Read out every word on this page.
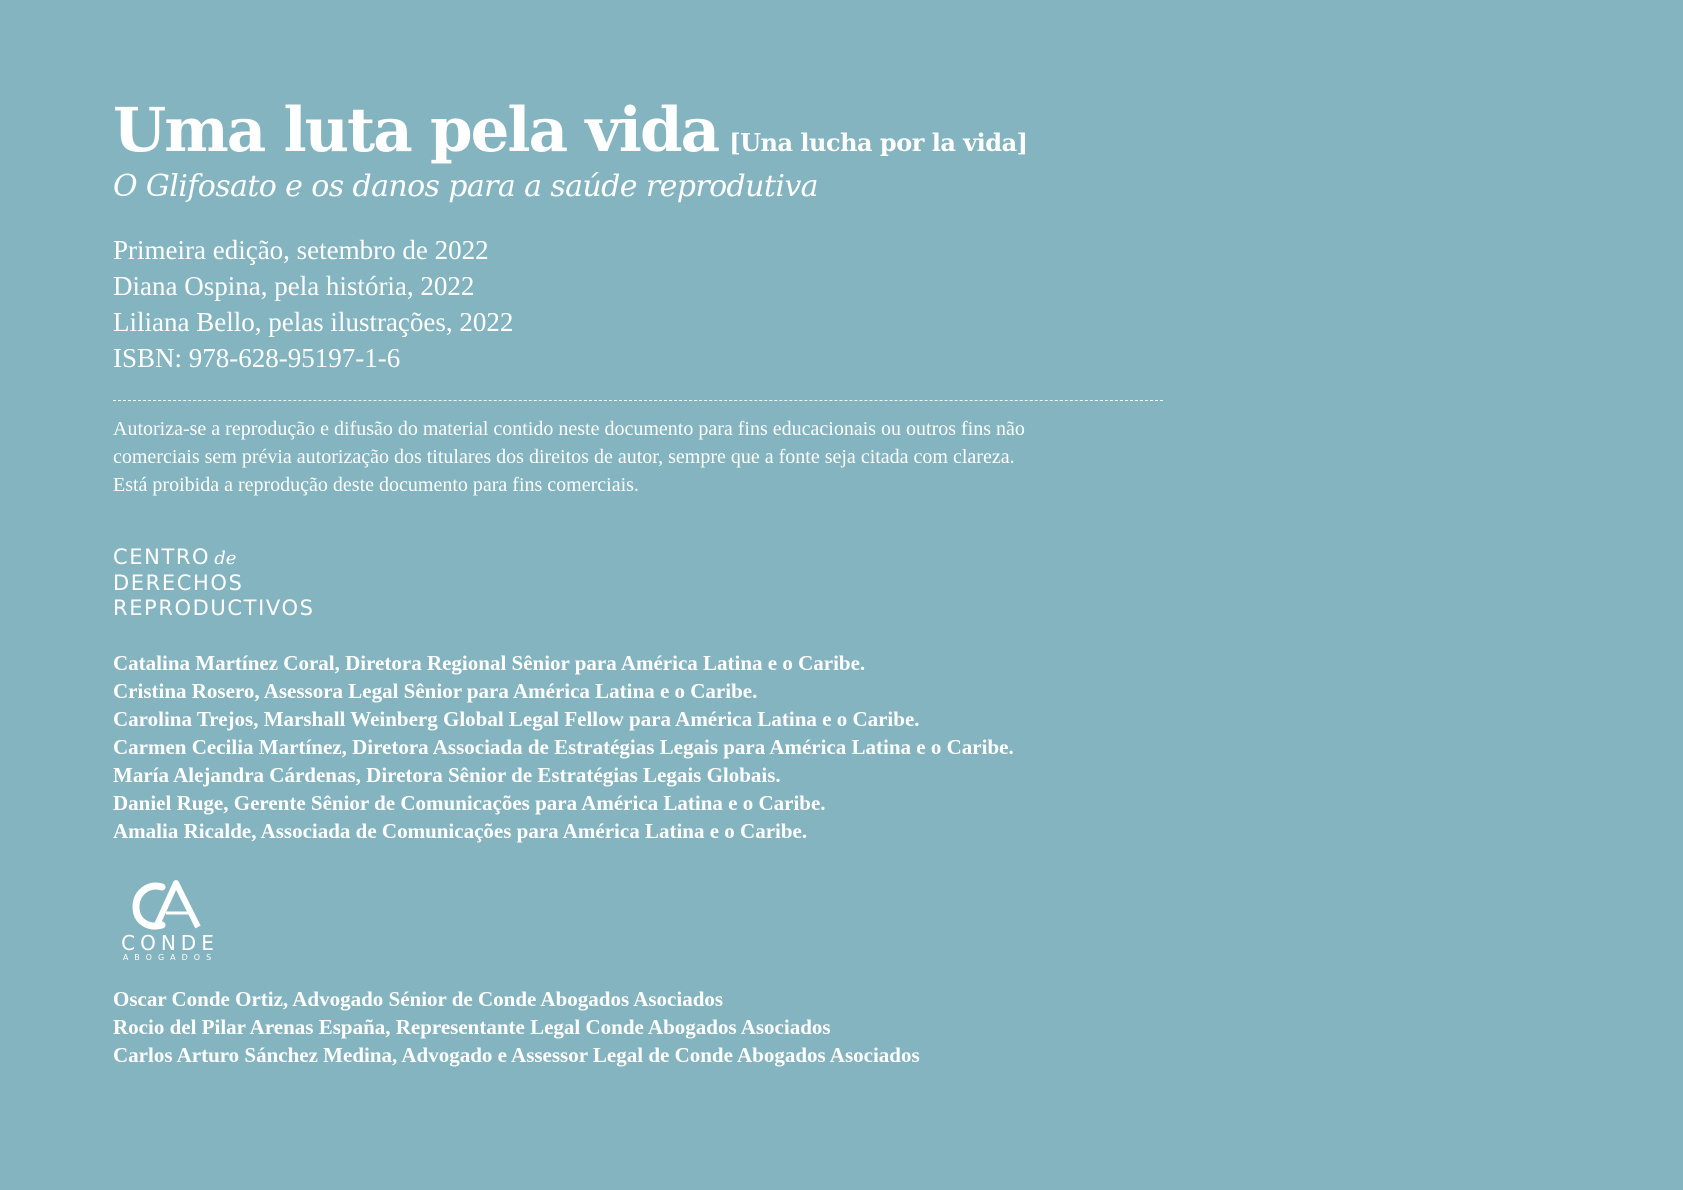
Uma luta pela vida [Una lucha por la vida]
O Glifosato e os danos para a saúde reprodutiva
Primeira edição, setembro de 2022
Diana Ospina, pela história, 2022
Liliana Bello, pelas ilustrações, 2022
ISBN: 978-628-95197-1-6
Autoriza-se a reprodução e difusão do material contido neste documento para fins educacionais ou outros fins não
comerciais sem prévia autorização dos titulares dos direitos de autor, sempre que a fonte seja citada com clareza.
Está proibida a reprodução deste documento para fins comerciais.
CENTRO de
DERECHOS
REPRODUCTIVOS
Catalina Martínez Coral, Diretora Regional Sênior para América Latina e o Caribe.
Cristina Rosero, Asessora Legal Sênior para América Latina e o Caribe.
Carolina Trejos, Marshall Weinberg Global Legal Fellow para América Latina e o Caribe.
Carmen Cecilia Martínez, Diretora Associada de Estratégias Legais para América Latina e o Caribe.
María Alejandra Cárdenas, Diretora Sênior de Estratégias Legais Globais.
Daniel Ruge, Gerente Sênior de Comunicações para América Latina e o Caribe.
Amalia Ricalde, Associada de Comunicações para América Latina e o Caribe.
CONDE
ABOGADOS
Oscar Conde Ortiz, Advogado Sénior de Conde Abogados Asociados
Rocio del Pilar Arenas España, Representante Legal Conde Abogados Asociados
Carlos Arturo Sánchez Medina, Advogado e Assessor Legal de Conde Abogados Asociados
